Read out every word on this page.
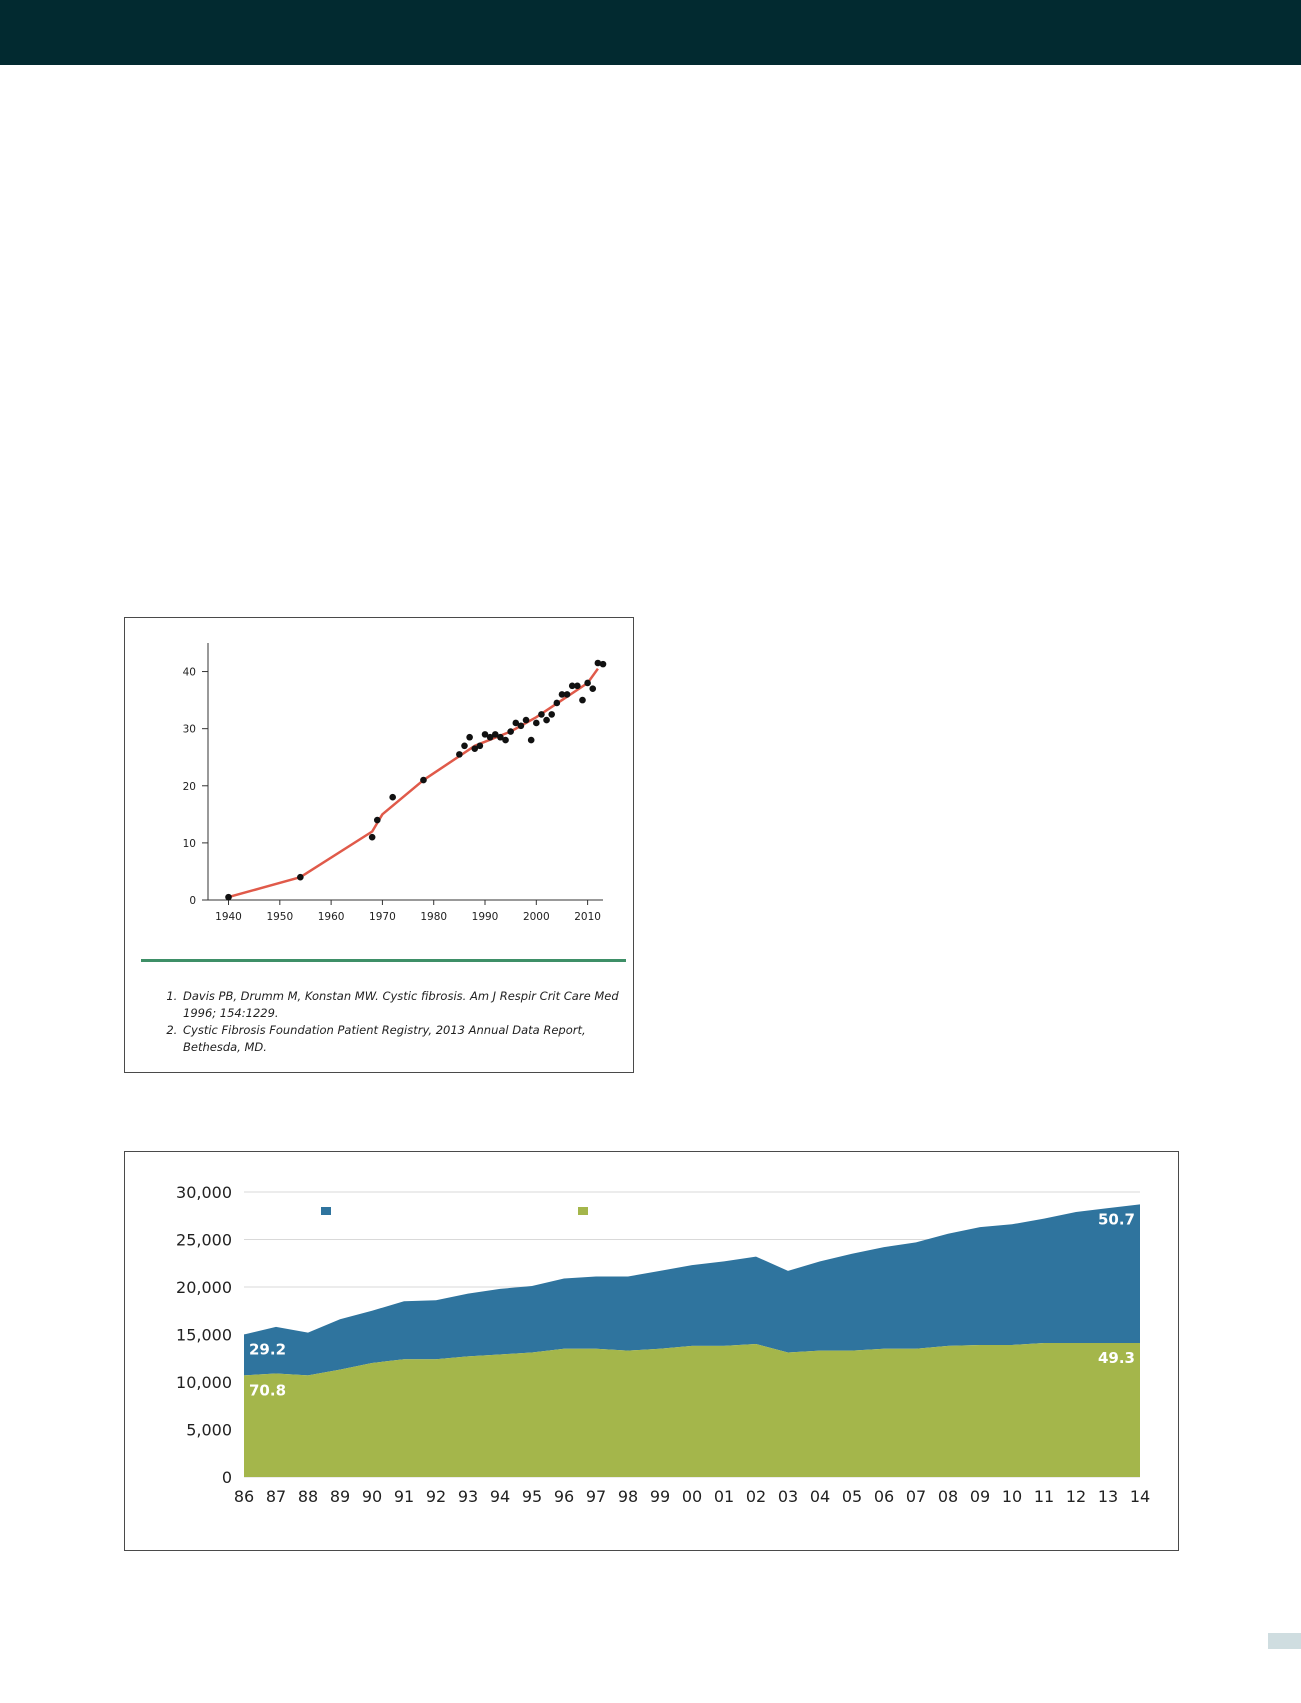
0
10
20
30
40
1940 1950 1960 1970 1980 1990 2000 2010
1. Davis PB, Drumm M, Konstan MW. Cystic fibrosis. Am J Respir Crit Care Med 1996; 154:1229.
2. Cystic Fibrosis Foundation Patient Registry, 2013 Annual Data Report, Bethesda, MD.
29.2
70.8
50.7
49.3
0
5,000
10,000
15,000
20,000
25,000
30,000
86 87 88 89 90 91 92 93 94 95 96 97 98 99 00 01 02 03 04 05 06 07 08 09 10 11 12 13 14
